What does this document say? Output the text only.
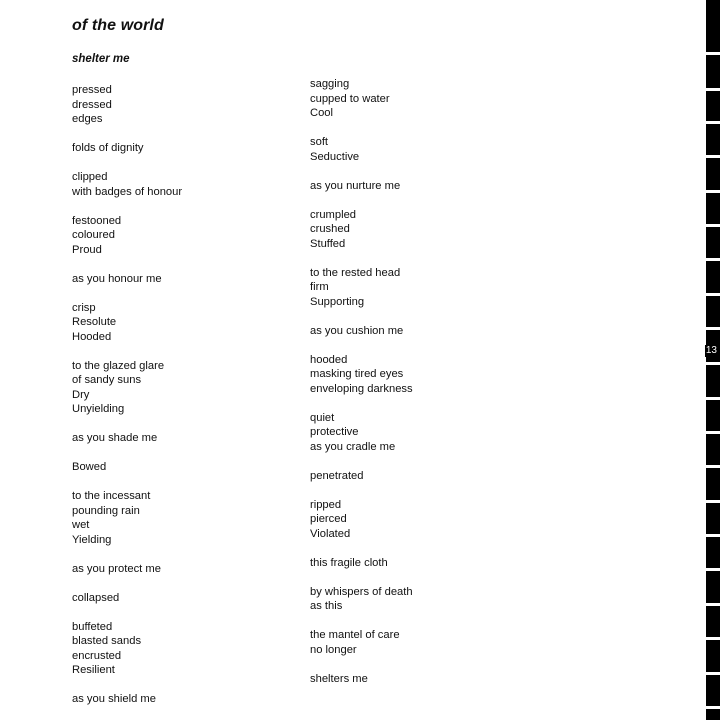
of the world
shelter me
pressed
dressed
edges
folds of dignity
clipped
with badges of honour
festooned
coloured
Proud
as you honour me
crisp
Resolute
Hooded
to the glazed glare
of sandy suns
Dry
Unyielding
as you shade me
Bowed
to the incessant
pounding rain
wet
Yielding
as you protect me
collapsed
buffeted
blasted sands
encrusted
Resilient
as you shield me
sagging
cupped to water
Cool
soft
Seductive
as you nurture me
crumpled
crushed
Stuffed
to the rested head
firm
Supporting
as you cushion me
hooded
masking tired eyes
enveloping darkness
quiet
protective
as you cradle me
penetrated
ripped
pierced
Violated
this fragile cloth
by whispers of death
as this
the mantel of care
no longer
shelters me
13
